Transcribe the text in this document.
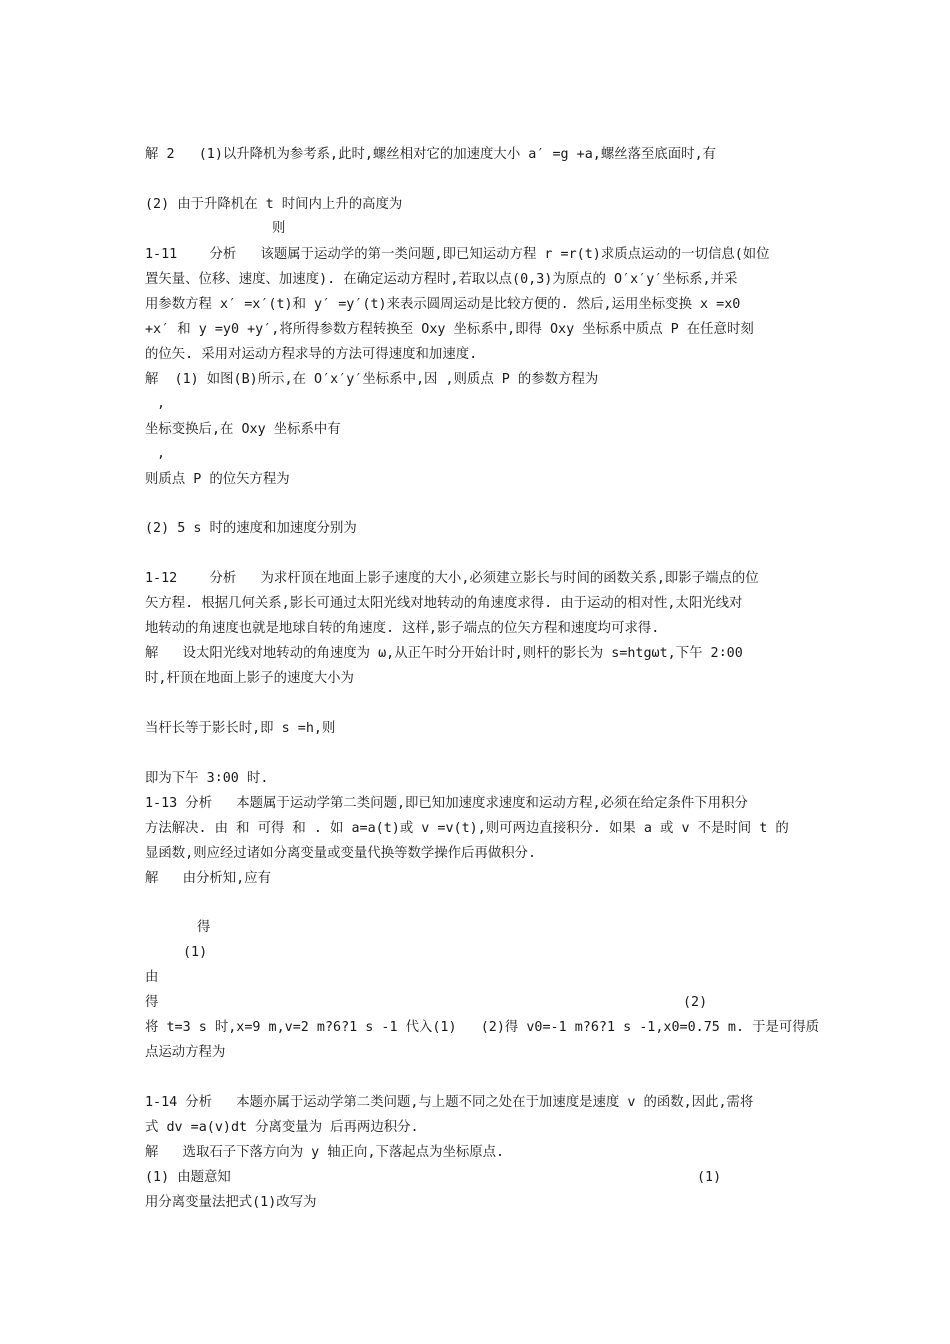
解 2   (1)以升降机为参考系,此时,螺丝相对它的加速度大小 a′ =g +a,螺丝落至底面时,有
(2) 由于升降机在 t 时间内上升的高度为
则
1-11    分析   该题属于运动学的第一类问题,即已知运动方程 r =r(t)求质点运动的一切信息(如位
置矢量、位移、速度、加速度). 在确定运动方程时,若取以点(0,3)为原点的 O′x′y′坐标系,并采
用参数方程 x′ =x′(t)和 y′ =y′(t)来表示圆周运动是比较方便的. 然后,运用坐标变换 x =x0
+x′ 和 y =y0 +y′,将所得参数方程转换至 Oxy 坐标系中,即得 Oxy 坐标系中质点 P 在任意时刻
的位矢. 采用对运动方程求导的方法可得速度和加速度.
解  (1) 如图(B)所示,在 O′x′y′坐标系中,因 ,则质点 P 的参数方程为
,
坐标变换后,在 Oxy 坐标系中有
,
则质点 P 的位矢方程为
(2) 5 s 时的速度和加速度分别为
1-12    分析   为求杆顶在地面上影子速度的大小,必须建立影长与时间的函数关系,即影子端点的位
矢方程. 根据几何关系,影长可通过太阳光线对地转动的角速度求得. 由于运动的相对性,太阳光线对
地转动的角速度也就是地球自转的角速度. 这样,影子端点的位矢方程和速度均可求得.
解   设太阳光线对地转动的角速度为 ω,从正午时分开始计时,则杆的影长为 s=htgωt,下午 2∶00
时,杆顶在地面上影子的速度大小为
当杆长等于影长时,即 s =h,则
即为下午 3∶00 时.
1-13 分析   本题属于运动学第二类问题,即已知加速度求速度和运动方程,必须在给定条件下用积分
方法解决. 由 和 可得 和 . 如 a=a(t)或 v =v(t),则可两边直接积分. 如果 a 或 v 不是时间 t 的
显函数,则应经过诸如分离变量或变量代换等数学操作后再做积分.
解   由分析知,应有
得
(1)
由
得	(2)
将 t=3 s 时,x=9 m,v=2 m?6?1 s -1 代入(1)   (2)得 v0=-1 m?6?1 s -1,x0=0.75 m. 于是可得质
点运动方程为
1-14 分析   本题亦属于运动学第二类问题,与上题不同之处在于加速度是速度 v 的函数,因此,需将
式 dv =a(v)dt 分离变量为 后再两边积分.
解   选取石子下落方向为 y 轴正向,下落起点为坐标原点.
(1) 由题意知	(1)
用分离变量法把式(1)改写为
